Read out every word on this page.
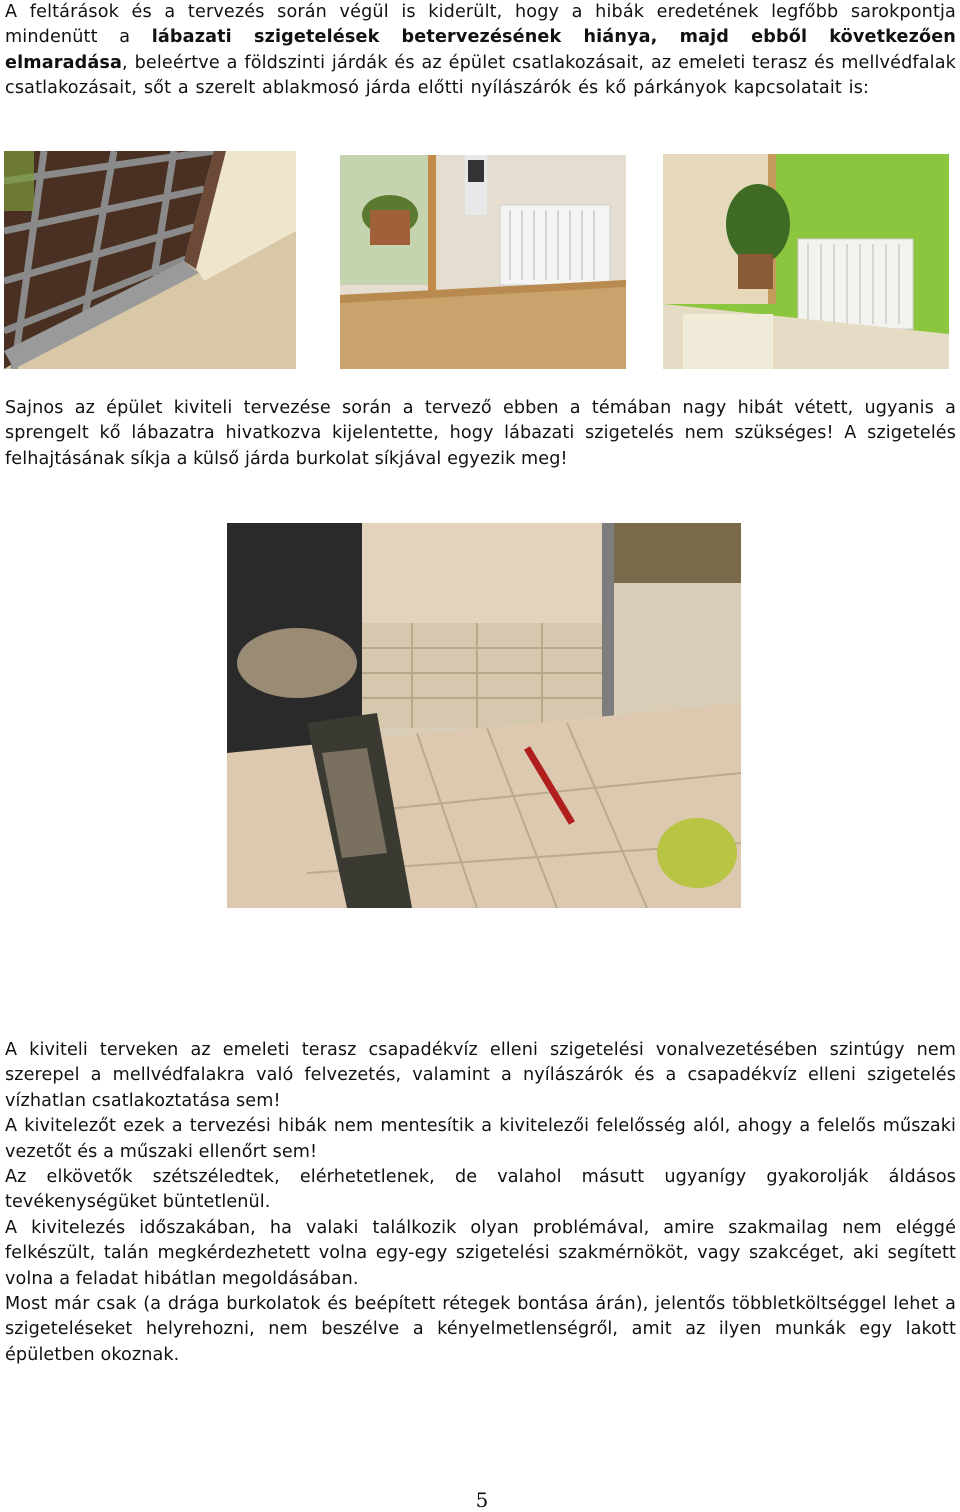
A feltárások és a tervezés során végül is kiderült, hogy a hibák eredetének legfőbb sarokpontja mindenütt a lábazati szigetelések betervezésének hiánya, majd ebből következően elmaradása, beleértve a földszinti járdák és az épület csatlakozásait, az emeleti terasz és mellvédfalak csatlakozásait, sőt a szerelt ablakmosó járda előtti nyílászárók és kő párkányok kapcsolatait is:

Sajnos az épület kiviteli tervezése során a tervező ebben a témában nagy hibát vétett, ugyanis a sprengelt kő lábazatra hivatkozva kijelentette, hogy lábazati szigetelés nem szükséges! A szigetelés felhajtásának síkja a külső járda burkolat síkjával egyezik meg!

A kiviteli terveken az emeleti terasz csapadékvíz elleni szigetelési vonalvezetésében szintúgy nem szerepel a mellvédfalakra való felvezetés, valamint a nyílászárók és a csapadékvíz elleni szigetelés vízhatlan csatlakoztatása sem!

A kivitelezőt ezek a tervezési hibák nem mentesítik a kivitelezői felelősség alól, ahogy a felelős műszaki vezetőt és a műszaki ellenőrt sem!

Az elkövetők szétszéledtek, elérhetetlenek, de valahol másutt ugyanígy gyakorolják áldásos tevékenységüket büntetlenül.

A kivitelezés időszakában, ha valaki találkozik olyan problémával, amire szakmailag nem eléggé felkészült, talán megkérdezhetett volna egy-egy szigetelési szakmérnököt, vagy szakcéget, aki segített volna a feladat hibátlan megoldásában.

Most már csak (a drága burkolatok és beépített rétegek bontása árán), jelentős többletköltséggel lehet a szigeteléseket helyrehozni, nem beszélve a kényelmetlenségről, amit az ilyen munkák egy lakott épületben okoznak.

5
